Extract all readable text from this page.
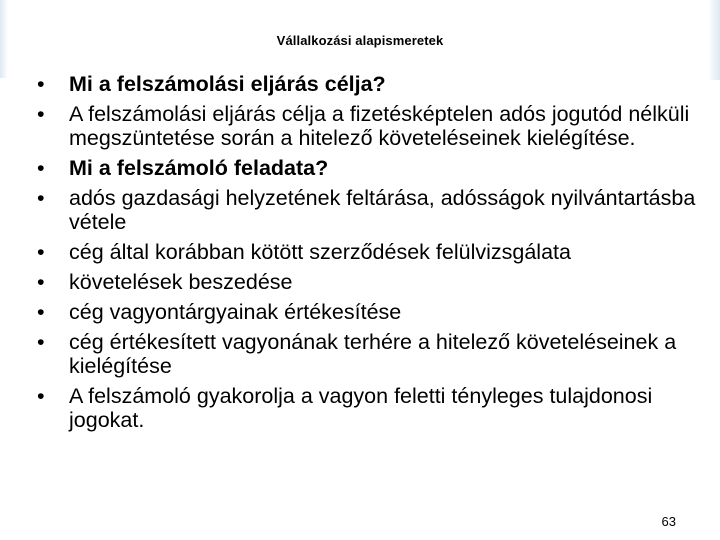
Vállalkozási alapismeretek
•	Mi a felszámolási eljárás célja?
•	A felszámolási eljárás célja a fizetésképtelen adós jogutód nélküli megszüntetése során a hitelező követeléseinek kielégítése.
•	Mi a felszámoló feladata?
•	adós gazdasági helyzetének feltárása, adósságok nyilvántartásba vétele
•	cég által korábban kötött szerződések felülvizsgálata
•	követelések beszedése
•	cég vagyontárgyainak értékesítése
•	cég értékesített vagyonának terhére a hitelező követeléseinek a kielégítése
•	A felszámoló gyakorolja a vagyon feletti tényleges tulajdonosi jogokat.
63
